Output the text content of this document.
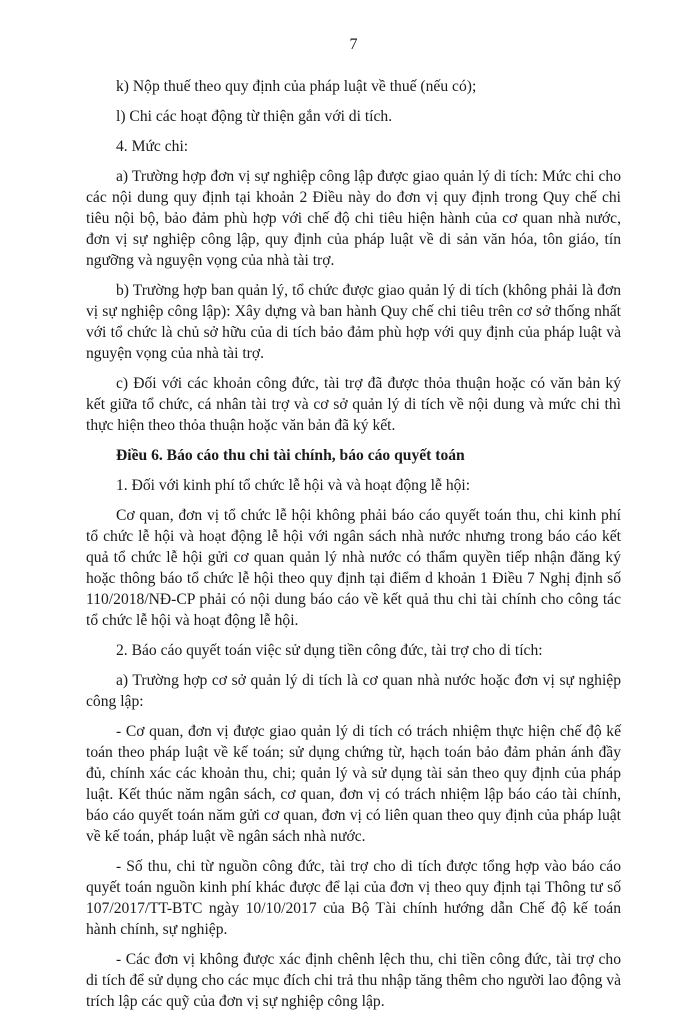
7

k) Nộp thuế theo quy định của pháp luật về thuế (nếu có);

l) Chi các hoạt động từ thiện gắn với di tích.

4. Mức chi:

a) Trường hợp đơn vị sự nghiệp công lập được giao quản lý di tích: Mức chi cho các nội dung quy định tại khoản 2 Điều này do đơn vị quy định trong Quy chế chi tiêu nội bộ, bảo đảm phù hợp với chế độ chi tiêu hiện hành của cơ quan nhà nước, đơn vị sự nghiệp công lập, quy định của pháp luật về di sản văn hóa, tôn giáo, tín ngưỡng và nguyện vọng của nhà tài trợ.

b) Trường hợp ban quản lý, tổ chức được giao quản lý di tích (không phải là đơn vị sự nghiệp công lập): Xây dựng và ban hành Quy chế chi tiêu trên cơ sở thống nhất với tổ chức là chủ sở hữu của di tích bảo đảm phù hợp với quy định của pháp luật và nguyện vọng của nhà tài trợ.

c) Đối với các khoản công đức, tài trợ đã được thỏa thuận hoặc có văn bản ký kết giữa tổ chức, cá nhân tài trợ và cơ sở quản lý di tích về nội dung và mức chi thì thực hiện theo thỏa thuận hoặc văn bản đã ký kết.

Điều 6. Báo cáo thu chi tài chính, báo cáo quyết toán

1. Đối với kinh phí tổ chức lễ hội và và hoạt động lễ hội:

Cơ quan, đơn vị tổ chức lễ hội không phải báo cáo quyết toán thu, chi kinh phí tổ chức lễ hội và hoạt động lễ hội với ngân sách nhà nước nhưng trong báo cáo kết quả tổ chức lễ hội gửi cơ quan quản lý nhà nước có thẩm quyền tiếp nhận đăng ký hoặc thông báo tổ chức lễ hội theo quy định tại điểm d khoản 1 Điều 7 Nghị định số 110/2018/NĐ-CP phải có nội dung báo cáo về kết quả thu chi tài chính cho công tác tổ chức lễ hội và hoạt động lễ hội.

2. Báo cáo quyết toán việc sử dụng tiền công đức, tài trợ cho di tích:

a) Trường hợp cơ sở quản lý di tích là cơ quan nhà nước hoặc đơn vị sự nghiệp công lập:

- Cơ quan, đơn vị được giao quản lý di tích có trách nhiệm thực hiện chế độ kế toán theo pháp luật về kế toán; sử dụng chứng từ, hạch toán bảo đảm phản ánh đầy đủ, chính xác các khoản thu, chi; quản lý và sử dụng tài sản theo quy định của pháp luật. Kết thúc năm ngân sách, cơ quan, đơn vị có trách nhiệm lập báo cáo tài chính, báo cáo quyết toán năm gửi cơ quan, đơn vị có liên quan theo quy định của pháp luật về kế toán, pháp luật về ngân sách nhà nước.

- Số thu, chi từ nguồn công đức, tài trợ cho di tích được tổng hợp vào báo cáo quyết toán nguồn kinh phí khác được để lại của đơn vị theo quy định tại Thông tư số 107/2017/TT-BTC ngày 10/10/2017 của Bộ Tài chính hướng dẫn Chế độ kế toán hành chính, sự nghiệp.

- Các đơn vị không được xác định chênh lệch thu, chi tiền công đức, tài trợ cho di tích để sử dụng cho các mục đích chi trả thu nhập tăng thêm cho người lao động và trích lập các quỹ của đơn vị sự nghiệp công lập.
